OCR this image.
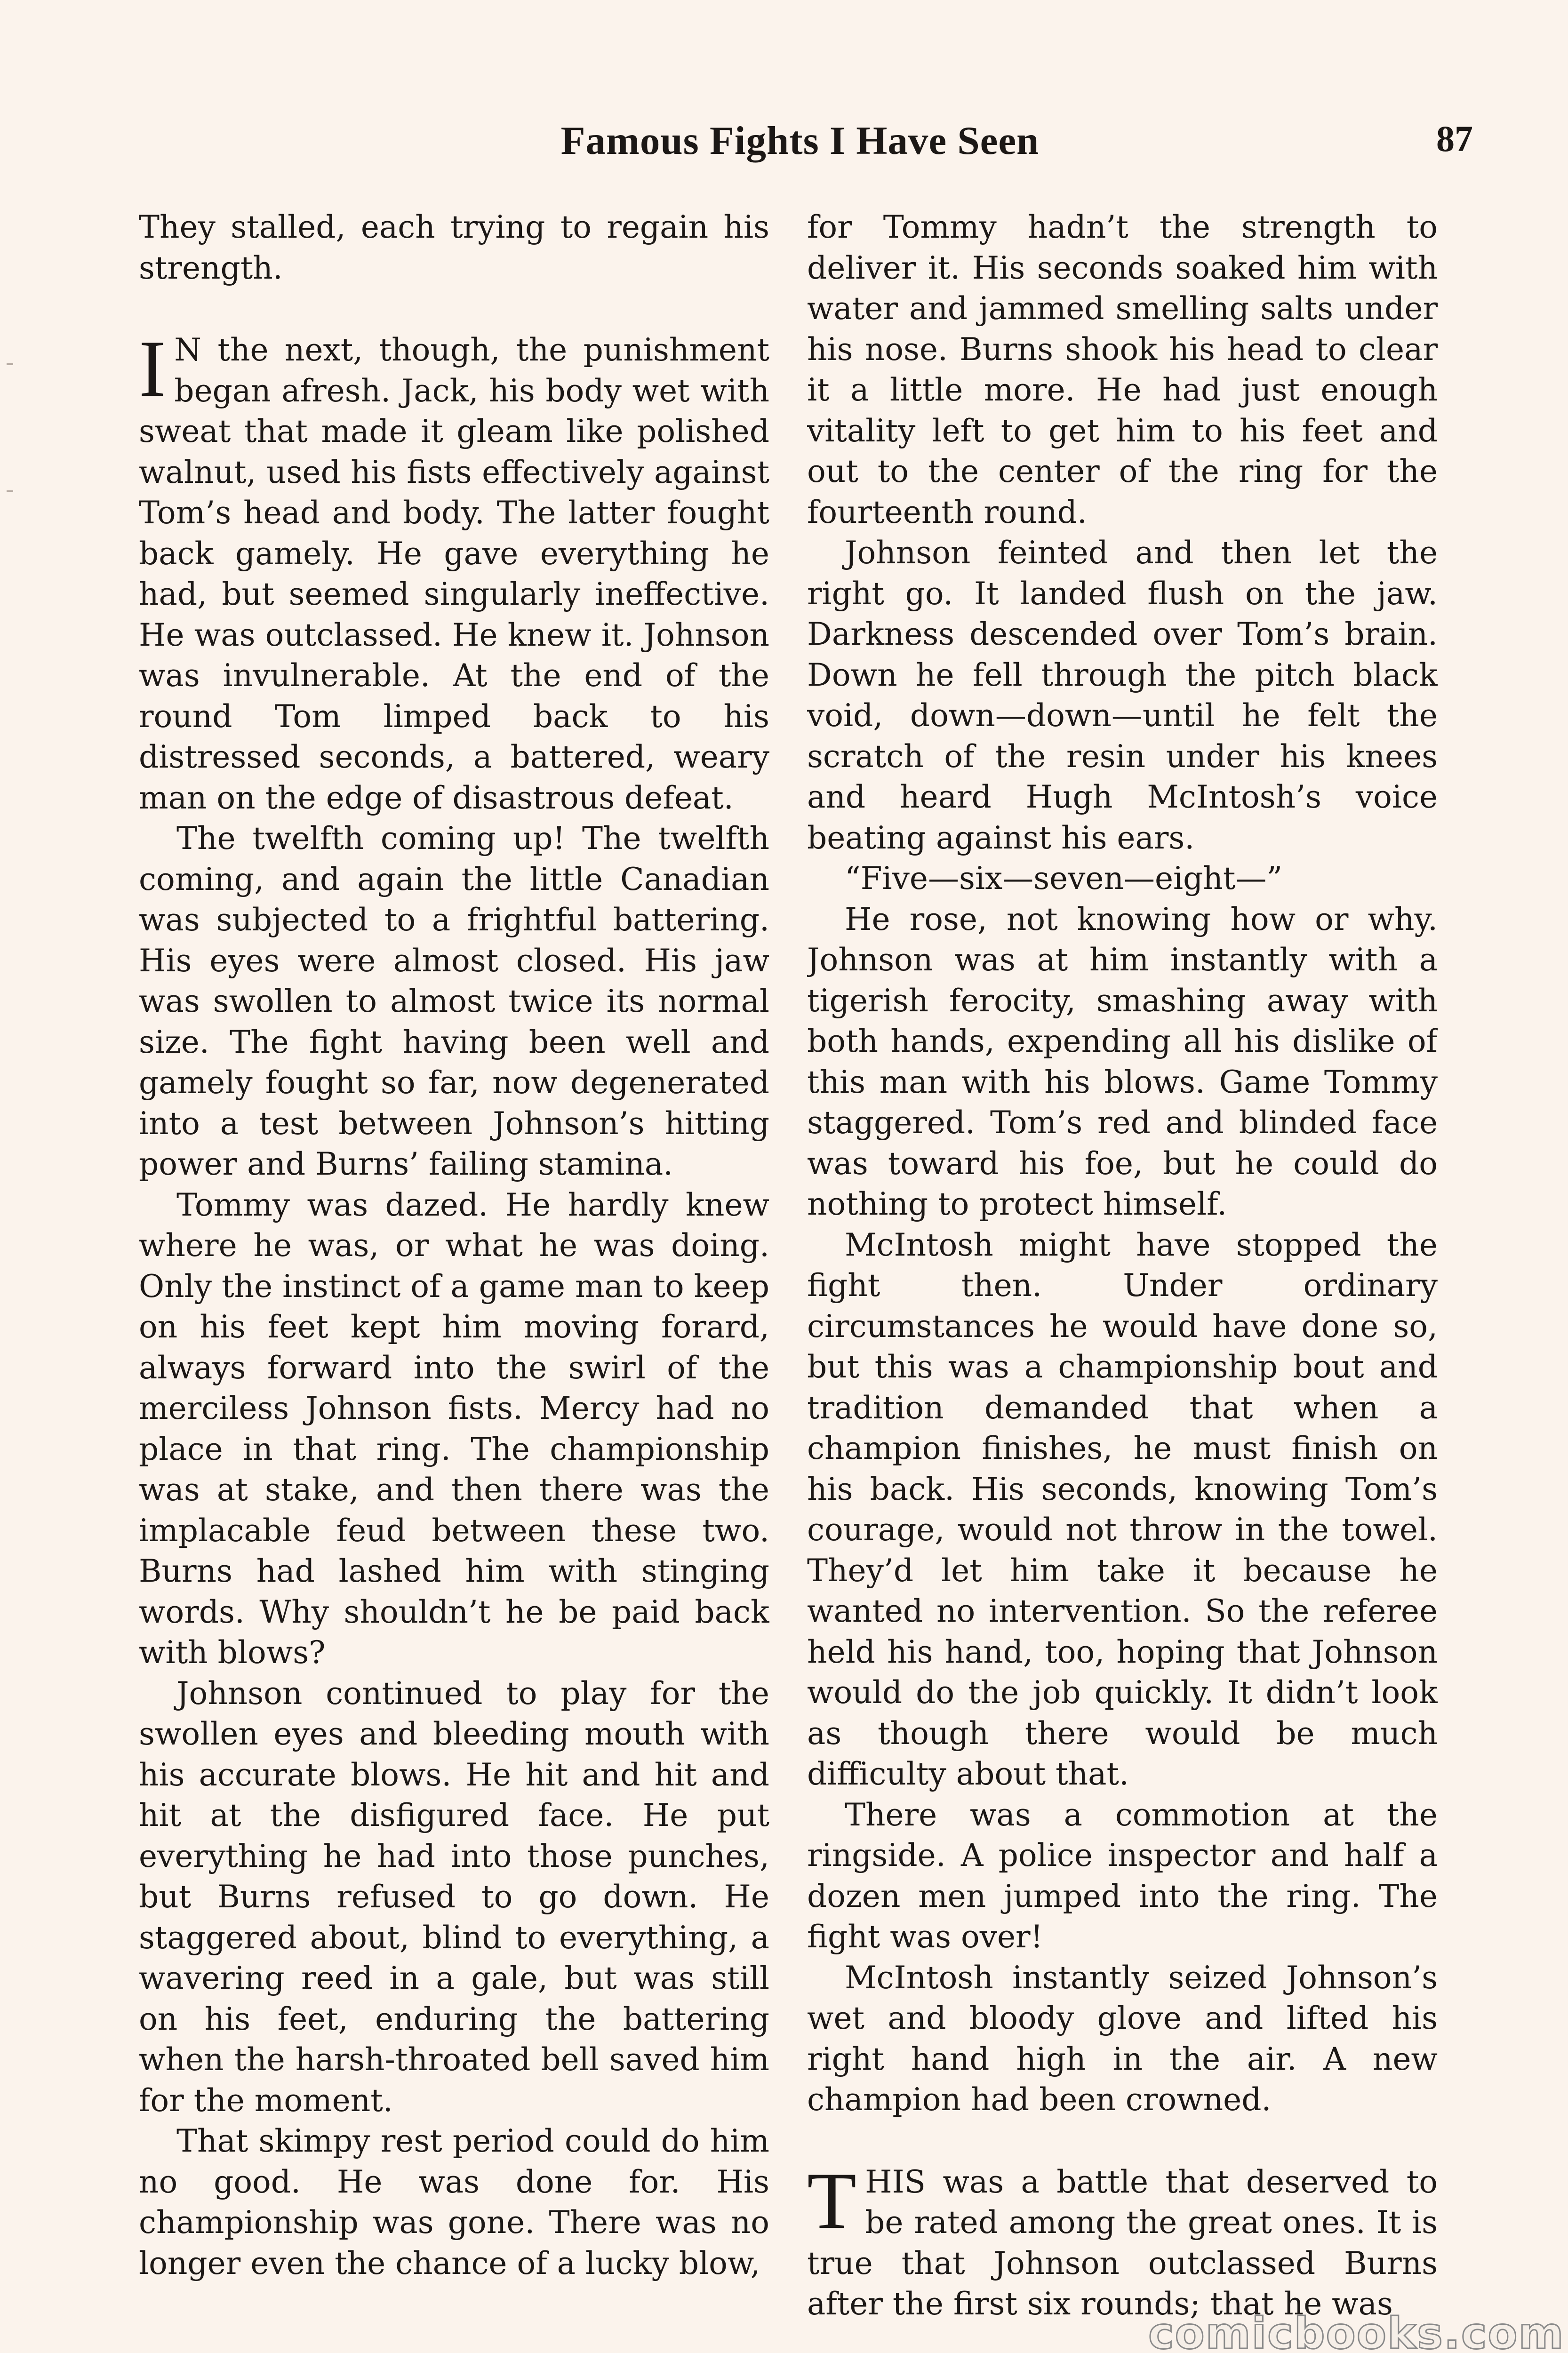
Famous Fights I Have Seen	87

They stalled, each trying to regain his strength.

I N the next, though, the punishment began afresh. Jack, his body wet with sweat that made it gleam like polished walnut, used his fists effectively against Tom’s head and body. The latter fought back gamely. He gave everything he had, but seemed singularly ineffective. He was outclassed. He knew it. Johnson was invulnerable. At the end of the round Tom limped back to his distressed seconds, a battered, weary man on the edge of disastrous defeat.

The twelfth coming up! The twelfth coming, and again the little Canadian was subjected to a frightful battering. His eyes were almost closed. His jaw was swollen to almost twice its normal size. The fight having been well and gamely fought so far, now degenerated into a test between Johnson’s hitting power and Burns’ failing stamina.

Tommy was dazed. He hardly knew where he was, or what he was doing. Only the instinct of a game man to keep on his feet kept him moving forard, always forward into the swirl of the merciless Johnson fists. Mercy had no place in that ring. The championship was at stake, and then there was the implacable feud between these two. Burns had lashed him with stinging words. Why shouldn’t he be paid back with blows?

Johnson continued to play for the swollen eyes and bleeding mouth with his accurate blows. He hit and hit and hit at the disfigured face. He put everything he had into those punches, but Burns refused to go down. He staggered about, blind to everything, a wavering reed in a gale, but was still on his feet, enduring the battering when the harsh-throated bell saved him for the moment.

That skimpy rest period could do him no good. He was done for. His championship was gone. There was no longer even the chance of a lucky blow,

for Tommy hadn’t the strength to deliver it. His seconds soaked him with water and jammed smelling salts under his nose. Burns shook his head to clear it a little more. He had just enough vitality left to get him to his feet and out to the center of the ring for the fourteenth round.

Johnson feinted and then let the right go. It landed flush on the jaw. Darkness descended over Tom’s brain. Down he fell through the pitch black void, down—down—until he felt the scratch of the resin under his knees and heard Hugh McIntosh’s voice beating against his ears.

“Five—six—seven—eight—”

He rose, not knowing how or why. Johnson was at him instantly with a tigerish ferocity, smashing away with both hands, expending all his dislike of this man with his blows. Game Tommy staggered. Tom’s red and blinded face was toward his foe, but he could do nothing to protect himself.

McIntosh might have stopped the fight then. Under ordinary circumstances he would have done so, but this was a championship bout and tradition demanded that when a champion finishes, he must finish on his back. His seconds, knowing Tom’s courage, would not throw in the towel. They’d let him take it because he wanted no intervention. So the referee held his hand, too, hoping that Johnson would do the job quickly. It didn’t look as though there would be much difficulty about that.

There was a commotion at the ringside. A police inspector and half a dozen men jumped into the ring. The fight was over!

McIntosh instantly seized Johnson’s wet and bloody glove and lifted his right hand high in the air. A new champion had been crowned.

THIS was a battle that deserved to be rated among the great ones. It is true that Johnson outclassed Burns after the first six rounds; that he was

comicbooks.com
